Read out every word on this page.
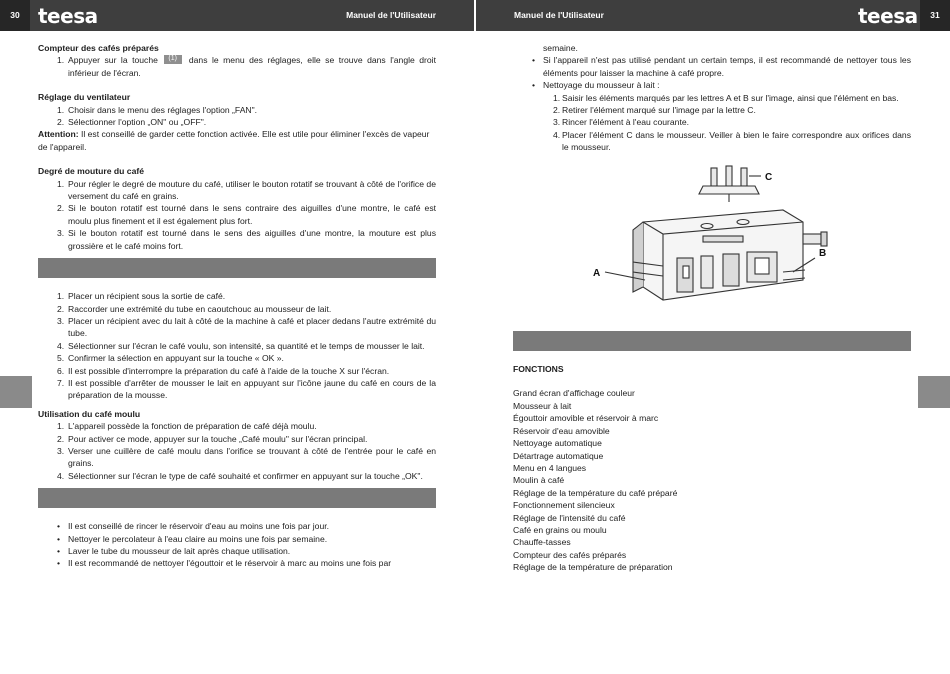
30 teesa	Manuel de l'Utilisateur	Manuel de l'Utilisateur	teesa	31
Compteur des cafés préparés
1. Appuyer sur la touche (1) dans le menu des réglages, elle se trouve dans l'angle droit inférieur de l'écran.
Réglage du ventilateur
1. Choisir dans le menu des réglages l'option „FAN".
2. Sélectionner l'option „ON" ou „OFF".
Attention: Il est conseillé de garder cette fonction activée. Elle est utile pour éliminer l'excès de vapeur de l'appareil.
Degré de mouture du café
1. Pour régler le degré de mouture du café, utiliser le bouton rotatif se trouvant à côté de l'orifice de versement du café en grains.
2. Si le bouton rotatif est tourné dans le sens contraire des aiguilles d'une montre, le café est moulu plus finement et il est également plus fort.
3. Si le bouton rotatif est tourné dans le sens des aiguilles d'une montre, la mouture est plus grossière et le café moins fort.
1. Placer un récipient sous la sortie de café.
2. Raccorder une extrémité du tube en caoutchouc au mousseur de lait.
3. Placer un récipient avec du lait à côté de la machine à café et placer dedans l'autre extrémité du tube.
4. Sélectionner sur l'écran le café voulu, son intensité, sa quantité et le temps de mousser le lait.
5. Confirmer la sélection en appuyant sur la touche « OK ».
6. Il est possible d'interrompre la préparation du café à l'aide de la touche X sur l'écran.
7. Il est possible d'arrêter de mousser le lait en appuyant sur l'icône jaune du café en cours de la préparation de la mousse.
Utilisation du café moulu
1. L'appareil possède la fonction de préparation de café déjà moulu.
2. Pour activer ce mode, appuyer sur la touche „Café moulu" sur l'écran principal.
3. Verser une cuillère de café moulu dans l'orifice se trouvant à côté de l'entrée pour le café en grains.
4. Sélectionner sur l'écran le type de café souhaité et confirmer en appuyant sur la touche „OK".
• Il est conseillé de rincer le réservoir d'eau au moins une fois par jour.
• Nettoyer le percolateur à l'eau claire au moins une fois par semaine.
• Laver le tube du mousseur de lait après chaque utilisation.
• Il est recommandé de nettoyer l'égouttoir et le réservoir à marc au moins une fois par
semaine.
• Si l'appareil n'est pas utilisé pendant un certain temps, il est recommandé de nettoyer tous les éléments pour laisser la machine à café propre.
• Nettoyage du mousseur à lait :
1. Saisir les éléments marqués par les lettres A et B sur l'image, ainsi que l'élément en bas.
2. Retirer l'élément marqué sur l'image par la lettre C.
3. Rincer l'élément à l'eau courante.
4. Placer l'élément C dans le mousseur. Veiller à bien le faire correspondre aux orifices dans le mousseur.
C
B
A
FONCTIONS
Grand écran d'affichage couleur
Mousseur à lait
Égouttoir amovible et réservoir à marc
Réservoir d'eau amovible
Nettoyage automatique
Détartrage automatique
Menu en 4 langues
Moulin à café
Réglage de la température du café préparé
Fonctionnement silencieux
Réglage de l'intensité du café
Café en grains ou moulu
Chauffe-tasses
Compteur des cafés préparés
Réglage de la température de préparation
